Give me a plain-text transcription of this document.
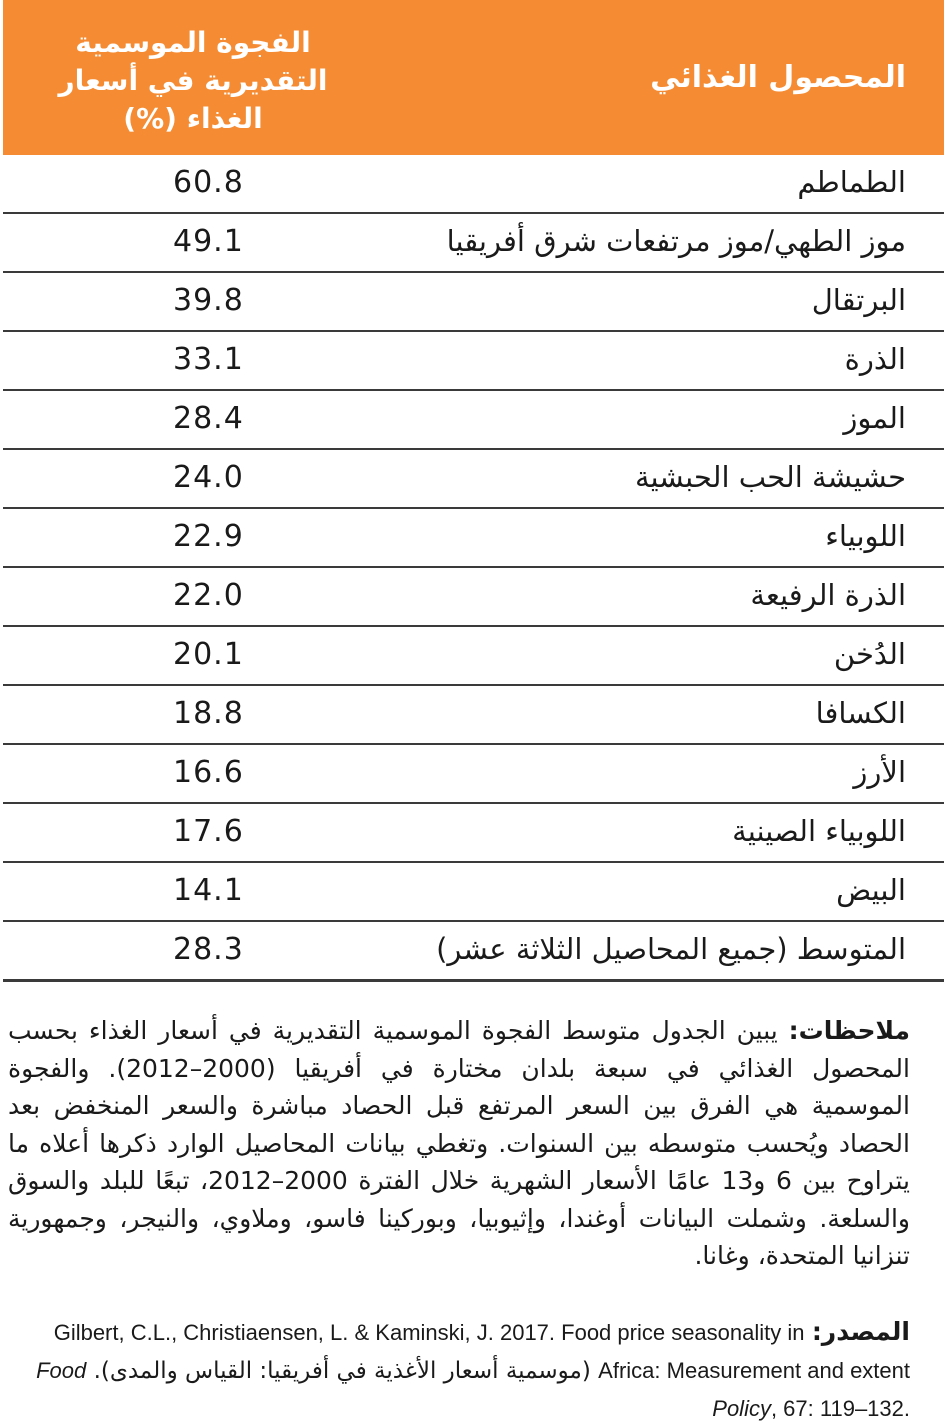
المحصول الغذائي
الفجوة الموسمية
التقديرية في أسعار
الغذاء (%)
الطماطم
60.8
موز الطهي/موز مرتفعات شرق أفريقيا
49.1
البرتقال
39.8
الذرة
33.1
الموز
28.4
حشيشة الحب الحبشية
24.0
اللوبياء
22.9
الذرة الرفيعة
22.0
الدُخن
20.1
الكسافا
18.8
الأرز
16.6
اللوبياء الصينية
17.6
البيض
14.1
المتوسط (جميع المحاصيل الثلاثة عشر)
28.3
ملاحظات: يبين الجدول متوسط الفجوة الموسمية التقديرية في أسعار الغذاء بحسب المحصول الغذائي في سبعة بلدان مختارة في أفريقيا (2000–2012). والفجوة الموسمية هي الفرق بين السعر المرتفع قبل الحصاد مباشرة والسعر المنخفض بعد الحصاد ويُحسب متوسطه بين السنوات. وتغطي بيانات المحاصيل الوارد ذكرها أعلاه ما يتراوح بين 6 و13 عامًا الأسعار الشهرية خلال الفترة 2000–2012، تبعًا للبلد والسوق والسلعة. وشملت البيانات أوغندا، وإثيوبيا، وبوركينا فاسو، وملاوي، والنيجر، وجمهورية تنزانيا المتحدة، وغانا.
المصدر: Gilbert, C.L., Christiaensen, L. & Kaminski, J. 2017. Food price seasonality in Africa: Measurement and extent (موسمية أسعار الأغذية في أفريقيا: القياس والمدى). Food Policy, 67: 119–132.
